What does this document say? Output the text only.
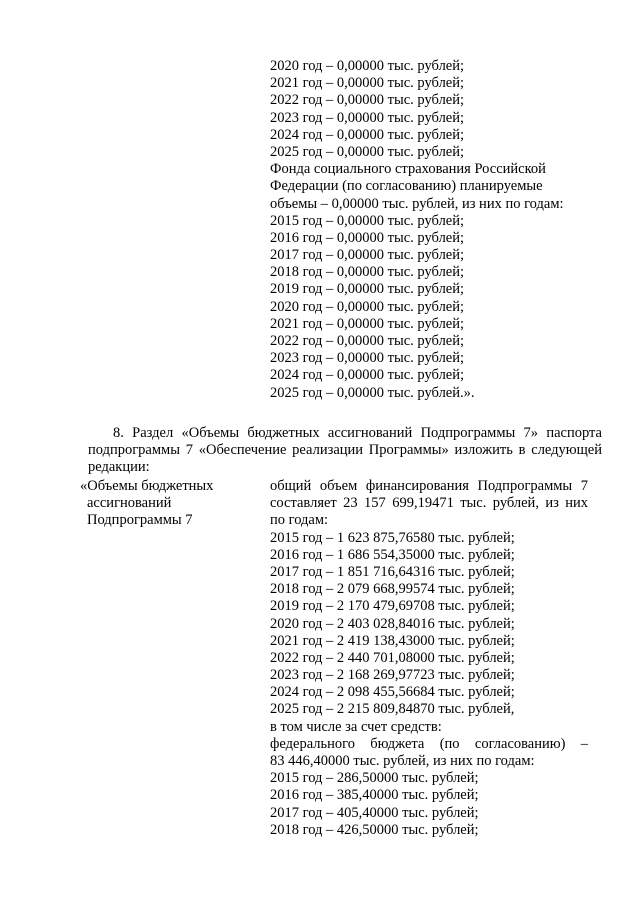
2020 год – 0,00000 тыс. рублей;
2021 год – 0,00000 тыс. рублей;
2022 год – 0,00000 тыс. рублей;
2023 год – 0,00000 тыс. рублей;
2024 год – 0,00000 тыс. рублей;
2025 год – 0,00000 тыс. рублей;
Фонда социального страхования Российской
Федерации (по согласованию) планируемые
объемы – 0,00000 тыс. рублей, из них по годам:
2015 год – 0,00000 тыс. рублей;
2016 год – 0,00000 тыс. рублей;
2017 год – 0,00000 тыс. рублей;
2018 год – 0,00000 тыс. рублей;
2019 год – 0,00000 тыс. рублей;
2020 год – 0,00000 тыс. рублей;
2021 год – 0,00000 тыс. рублей;
2022 год – 0,00000 тыс. рублей;
2023 год – 0,00000 тыс. рублей;
2024 год – 0,00000 тыс. рублей;
2025 год – 0,00000 тыс. рублей.».
8. Раздел «Объемы бюджетных ассигнований Подпрограммы 7» паспорта
подпрограммы 7 «Обеспечение реализации Программы» изложить в следующей
редакции:
«Объемы бюджетных
ассигнований
Подпрограммы 7
общий объем финансирования Подпрограммы 7
составляет 23 157 699,19471 тыс. рублей, из них
по годам:
2015 год – 1 623 875,76580 тыс. рублей;
2016 год – 1 686 554,35000 тыс. рублей;
2017 год – 1 851 716,64316 тыс. рублей;
2018 год – 2 079 668,99574 тыс. рублей;
2019 год – 2 170 479,69708 тыс. рублей;
2020 год – 2 403 028,84016 тыс. рублей;
2021 год – 2 419 138,43000 тыс. рублей;
2022 год – 2 440 701,08000 тыс. рублей;
2023 год – 2 168 269,97723 тыс. рублей;
2024 год – 2 098 455,56684 тыс. рублей;
2025 год – 2 215 809,84870 тыс. рублей,
в том числе за счет средств:
федерального бюджета (по согласованию) –
83 446,40000 тыс. рублей, из них по годам:
2015 год – 286,50000 тыс. рублей;
2016 год – 385,40000 тыс. рублей;
2017 год – 405,40000 тыс. рублей;
2018 год – 426,50000 тыс. рублей;
